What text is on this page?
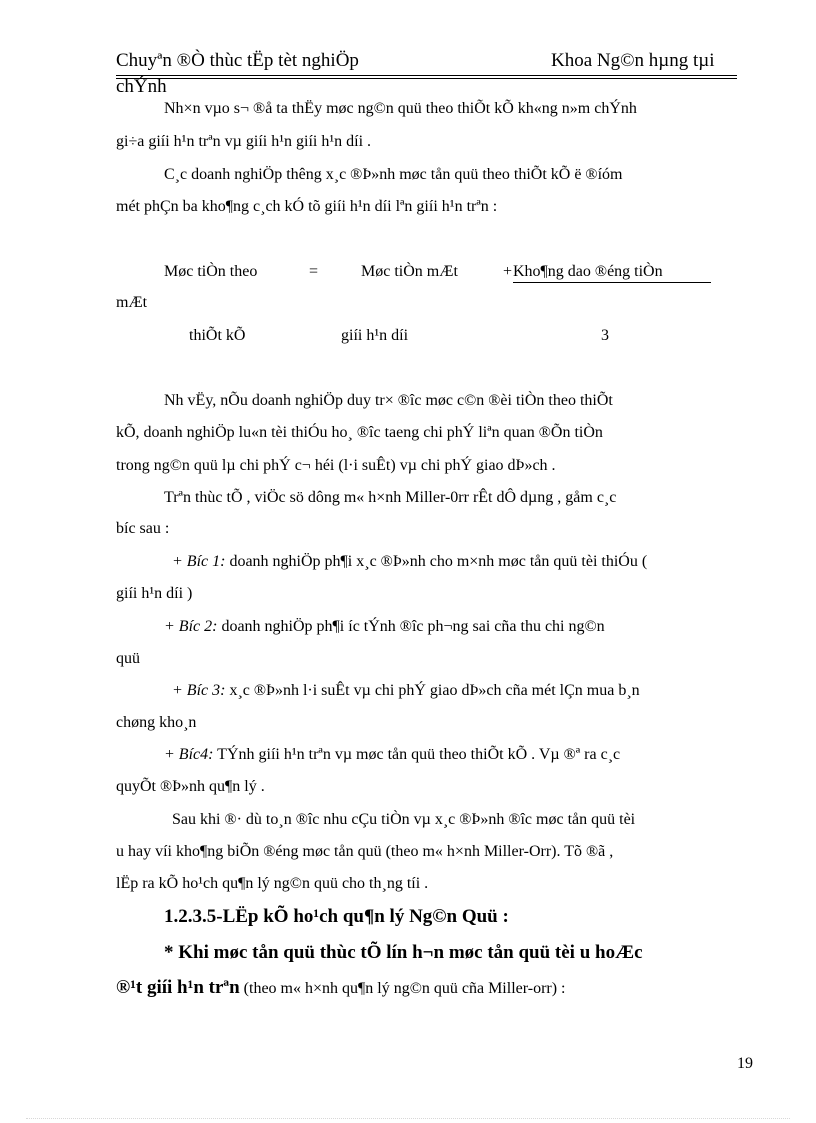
Chuyªn ®Ò thùc tËp tèt nghiÖp	Khoa Ng©n hµng tµi
chÝnh
Nh×n vµo s¬ ®å ta thËy møc ng©n quü theo thiÕt kÕ kh«ng n»m chÝnh
gi÷a giíi h¹n trªn vµ giíi h¹n giíi h¹n díi .
C¸c doanh nghiÖp thêng x¸c ®Þ»nh møc tån quü theo thiÕt kÕ ë ®íóm
mét phÇn ba kho¶ng c¸ch kÓ tõ giíi h¹n díi lªn giíi h¹n trªn :
Møc tiÒn theo	=	Møc tiÒn mÆt	+ Kho¶ng dao ®éng tiÒn
mÆt
thiÕt kÕ	giíi h¹n díi	3
Nh vËy, nÕu doanh nghiÖp duy tr× ®îc møc c©n ®èi tiÒn theo thiÕt
kÕ, doanh nghiÖp lu«n tèi thiÓu ho¸ ®îc taeng chi phÝ liªn quan ®Õn tiÒn
trong ng©n quü lµ chi phÝ c¬ héi (l·i suÊt) vµ chi phÝ giao dÞ»ch .
Trªn thùc tÕ , viÖc sö dông m« h×nh Miller-0rr rÊt dÔ dµng , gåm c¸c
bíc sau :
+ Bíc 1: doanh nghiÖp ph¶i x¸c ®Þ»nh cho m×nh møc tån quü tèi thiÓu (
giíi h¹n díi )
+ Bíc 2: doanh nghiÖp ph¶i íc tÝnh ®îc ph¬ng sai cña thu chi ng©n
quü
+ Bíc 3: x¸c ®Þ»nh l·i suÊt vµ chi phÝ giao dÞ»ch cña mét lÇn mua b¸n
chøng kho¸n
+ Bíc4: TÝnh giíi h¹n trªn vµ møc tån quü theo thiÕt kÕ . Vµ ®ª ra c¸c
quyÕt ®Þ»nh qu¶n lý .
Sau khi ®· dù to¸n ®îc nhu cÇu tiÒn vµ x¸c ®Þ»nh ®îc møc tån quü tèi
u hay víi kho¶ng biÕn ®éng møc tån quü (theo m« h×nh Miller-Orr). Tõ ®ã ,
lËp ra kÕ ho¹ch qu¶n lý ng©n quü cho th¸ng tíi .
1.2.3.5-LËp kÕ ho¹ch qu¶n lý Ng©n Quü :
* Khi møc tån quü thùc tÕ lín h¬n møc tån quü tèi u hoÆc
®¹t giíi h¹n trªn (theo m« h×nh qu¶n lý ng©n quü cña Miller-orr) :
19
